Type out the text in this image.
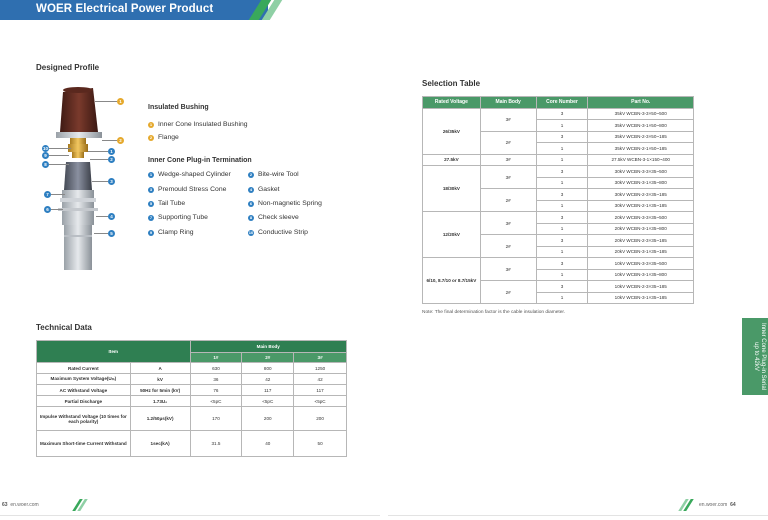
WOER Electrical Power Product
Designed Profile
1
2
10
9
8
1
2
3
7
6
4
5
Insulated Bushing
1 Inner Cone Insulated Bushing
2 Flange
Inner Cone Plug-in Termination
1 Wedge-shaped Cylinder	2 Bite-wire Tool
3 Premould Stress Cone	4 Gasket
5 Tail Tube	6 Non-magnetic Spring
7 Supporting Tube	8 Check sleeve
9 Clamp Ring	10 Conductive Strip
Technical Data
Item		Main Body		
		1#	2#	3#
Rated Current	A	630	800	1250
Maximum System Voltage(Uₘ)	kV	36	42	42
AC Withstand Voltage	50Hz for 5min (kV)	76	117	117
Partial Discharge	1.73U₀	<5pC	<5pC	<5pC
Impulse Withstand Voltage (10 times for each polarity)	1.2/50μs(kV)	170	200	200
Maximum Short-time Current Withstand	1sec(kA)	31.5	40	50
Selection Table
Rated Voltage	Main Body	Core Number	Part No.
26/35kV	3#	3	35kV WCBN-3-3×50~500
		1	35kV WCBN-3-1×50~800
	2#	3	35kV WCBN-2-3×50~185
		1	35kV WCBN-2-1×50~185
27.5kV	3#	1	27.5kV WCBN-3-1×150~400
18/30kV	3#	3	30kV WCBN-3-3×35~500
		1	30kV WCBN-3-1×35~800
	2#	3	30kV WCBN-2-3×35~185
		1	30kV WCBN-2-1×35~185
12/20kV	3#	3	20kV WCBN-3-3×35~500
		1	20kV WCBN-3-1×35~800
	2#	3	20kV WCBN-2-3×35~185
		1	20kV WCBN-3-1×35~185
6/10, 8.7/10 or 8.7/15kV	3#	3	10kV WCBN-3-3×35~500
		1	10kV WCBN-3-1×35~800
	2#	3	10kV WCBN-2-3×35~185
		1	10kV WCBN-3-1×35~185
Note: The final determination factor is the cable insulation diameter.
Inner Cone Plug-in Serial up to 42kV
63 en.woer.com	en.woer.com 64
